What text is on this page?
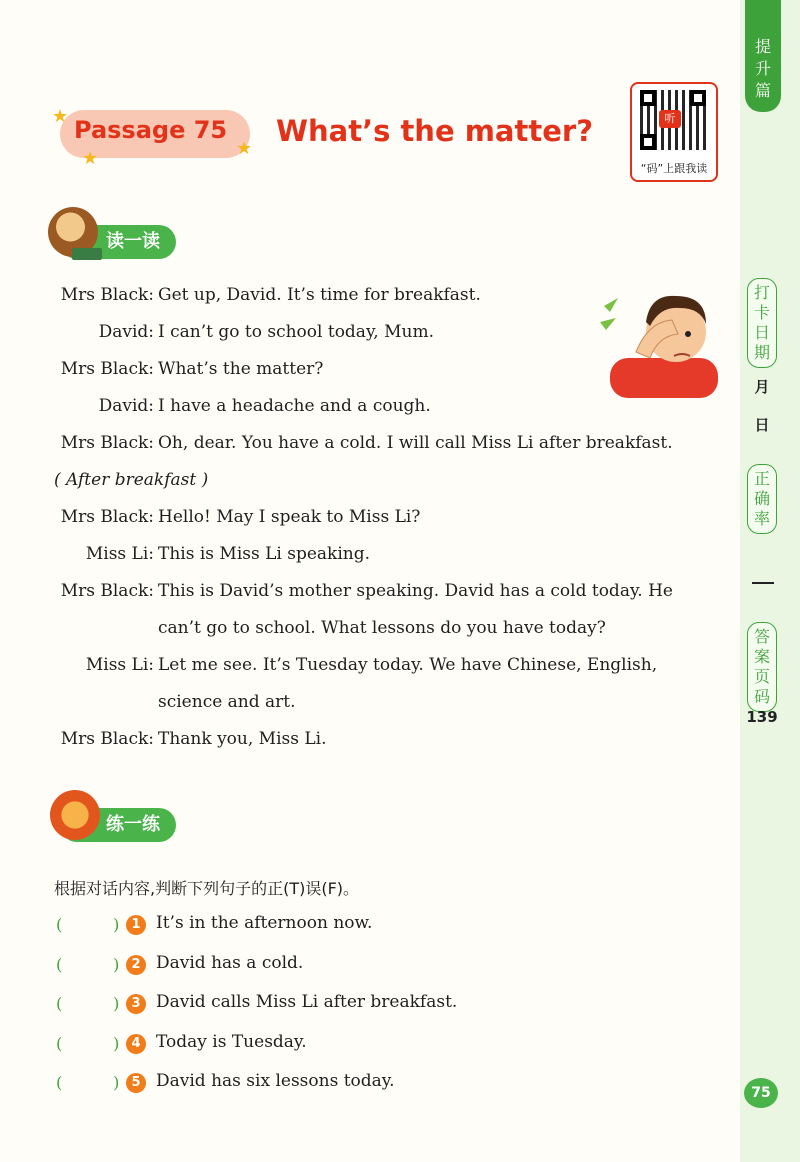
提升篇
打卡日期
月
日
正确率
答案页码
139
★
★	★
Passage 75 What’s the matter?	听
“码”上跟我读
读一读
Mrs Black: Get up, David. It’s time for breakfast.
David: I can’t go to school today, Mum.
Mrs Black: What’s the matter?
David: I have a headache and a cough.
Mrs Black: Oh, dear. You have a cold. I will call Miss Li after breakfast.
( After breakfast )
Mrs Black: Hello! May I speak to Miss Li?
Miss Li: This is Miss Li speaking.
Mrs Black: This is David’s mother speaking. David has a cold today. He
can’t go to school. What lessons do you have today?
Miss Li: Let me see. It’s Tuesday today. We have Chinese, English,
science and art.
Mrs Black: Thank you, Miss Li.
练一练
根据对话内容,判断下列句子的正(T)误(F)。
(          ) 1 It’s in the afternoon now.
(          ) 2 David has a cold.
(          ) 3 David calls Miss Li after breakfast.
(          ) 4 Today is Tuesday.
(          ) 5 David has six lessons today.
75
